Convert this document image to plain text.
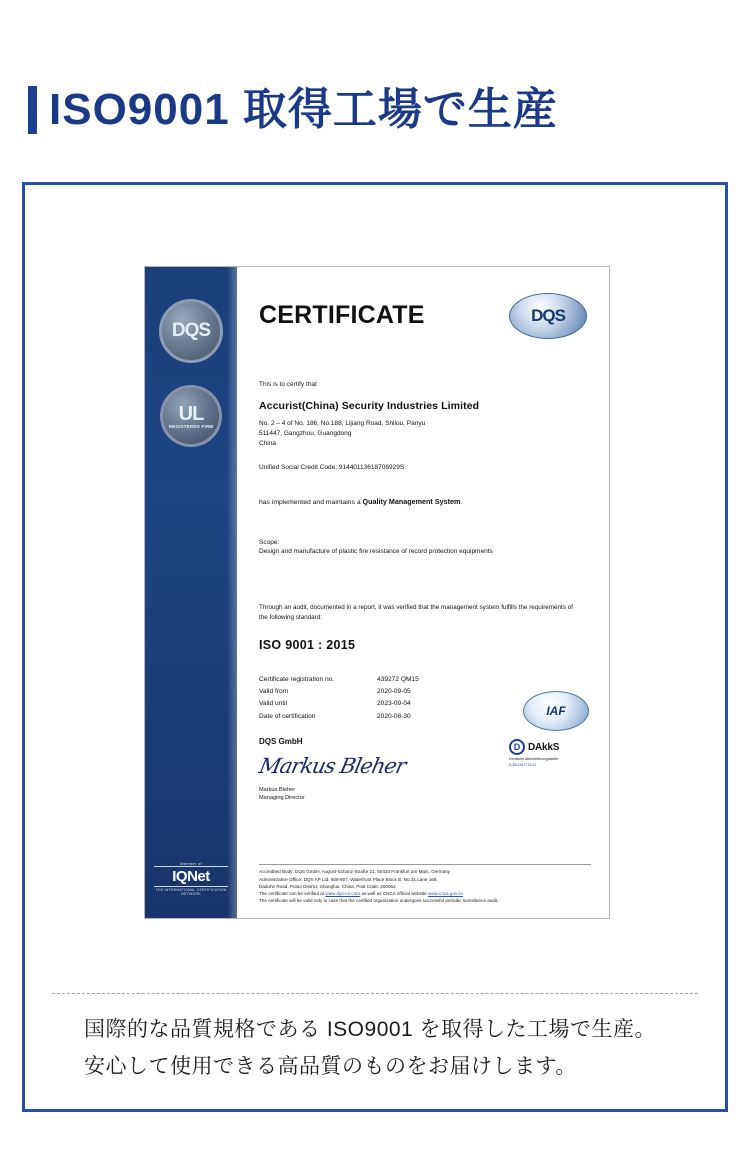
ISO9001 取得工場で生産
DQS
UL
REGISTERED FIRM
Member of
IQNet
THE INTERNATIONAL CERTIFICATION NETWORK
CERTIFICATE	DQS
This is to certify that
Accurist(China) Security Industries Limited
No. 2 – 4 of No. 186, No.188, Lijiang Road, Shilou, Panyu
511447, Gangzhou, Guangdong
China
Unified Social Credit Code: 91440113618706929S
has implemented and maintains a Quality Management System.
Scope:
Design and manufacture of plastic fire resistance of record protection equipments
Through an audit, documented in a report, it was verified that the management system fulfills the requirements of the following standard:
ISO 9001 : 2015
Certificate registration no.	439272 QM15
Valid from	2020-09-05
Valid until	2023-09-04
Date of certification	2020-08-30
DQS GmbH
Markus Bleher
Markus Bleher
Managing Director
IAF
D DAkkS
Deutsche Akkreditierungsstelle
D-ZM-15477-01-01
Accredited Body: DQS GmbH, August-Schanz-Straße 21, 60433 Frankfurt am Main, Germany
Administrative Office: DQS AP Ltd, 806-907, Waterfront Place Block E, No.31,Lane 168,
Daduhe Road, Putuo District, Shanghai, China, Post Code: 200062
The certificate can be verified at www.dqs-cn.com as well as CNCA official website www.cnca.gov.cn
The certificate will be valid only in case that the certified organization undergoes successful periodic surveilance audit.
国際的な品質規格である ISO9001 を取得した工場で生産。
安心して使用できる高品質のものをお届けします。
